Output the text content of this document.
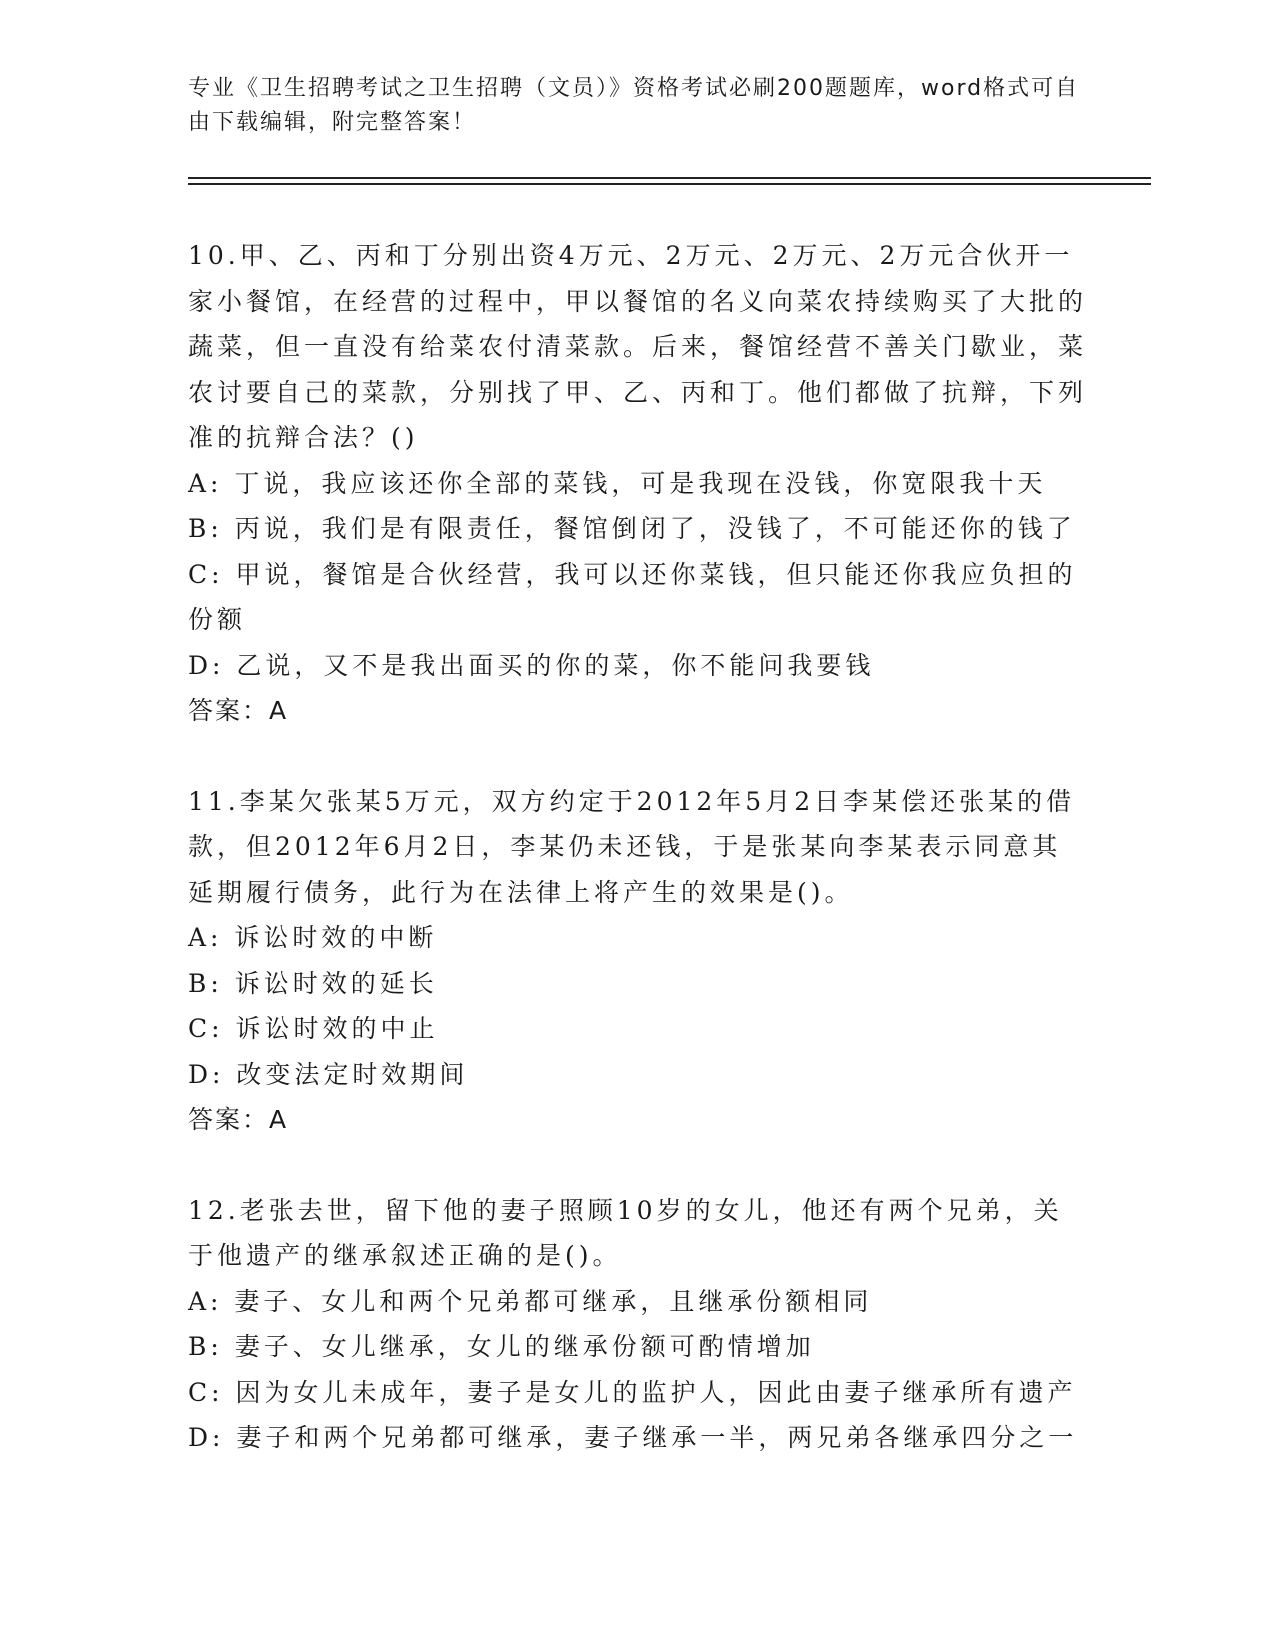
专业《卫生招聘考试之卫生招聘（文员）》资格考试必刷200题题库，word格式可自由下载编辑，附完整答案！

10.甲、乙、丙和丁分别出资4万元、2万元、2万元、2万元合伙开一家小餐馆，在经营的过程中，甲以餐馆的名义向菜农持续购买了大批的蔬菜，但一直没有给菜农付清菜款。后来，餐馆经营不善关门歇业，菜农讨要自己的菜款，分别找了甲、乙、丙和丁。他们都做了抗辩，下列准的抗辩合法？()

A: 丁说，我应该还你全部的菜钱，可是我现在没钱，你宽限我十天

B: 丙说，我们是有限责任，餐馆倒闭了，没钱了，不可能还你的钱了

C: 甲说，餐馆是合伙经营，我可以还你菜钱，但只能还你我应负担的份额

D: 乙说，又不是我出面买的你的菜，你不能问我要钱

答案：A

11.李某欠张某5万元，双方约定于2012年5月2日李某偿还张某的借款，但2012年6月2日，李某仍未还钱，于是张某向李某表示同意其延期履行债务，此行为在法律上将产生的效果是()。

A: 诉讼时效的中断

B: 诉讼时效的延长

C: 诉讼时效的中止

D: 改变法定时效期间

答案：A

12.老张去世，留下他的妻子照顾10岁的女儿，他还有两个兄弟，关于他遗产的继承叙述正确的是()。

A: 妻子、女儿和两个兄弟都可继承，且继承份额相同

B: 妻子、女儿继承，女儿的继承份额可酌情增加

C: 因为女儿未成年，妻子是女儿的监护人，因此由妻子继承所有遗产

D: 妻子和两个兄弟都可继承，妻子继承一半，两兄弟各继承四分之一
